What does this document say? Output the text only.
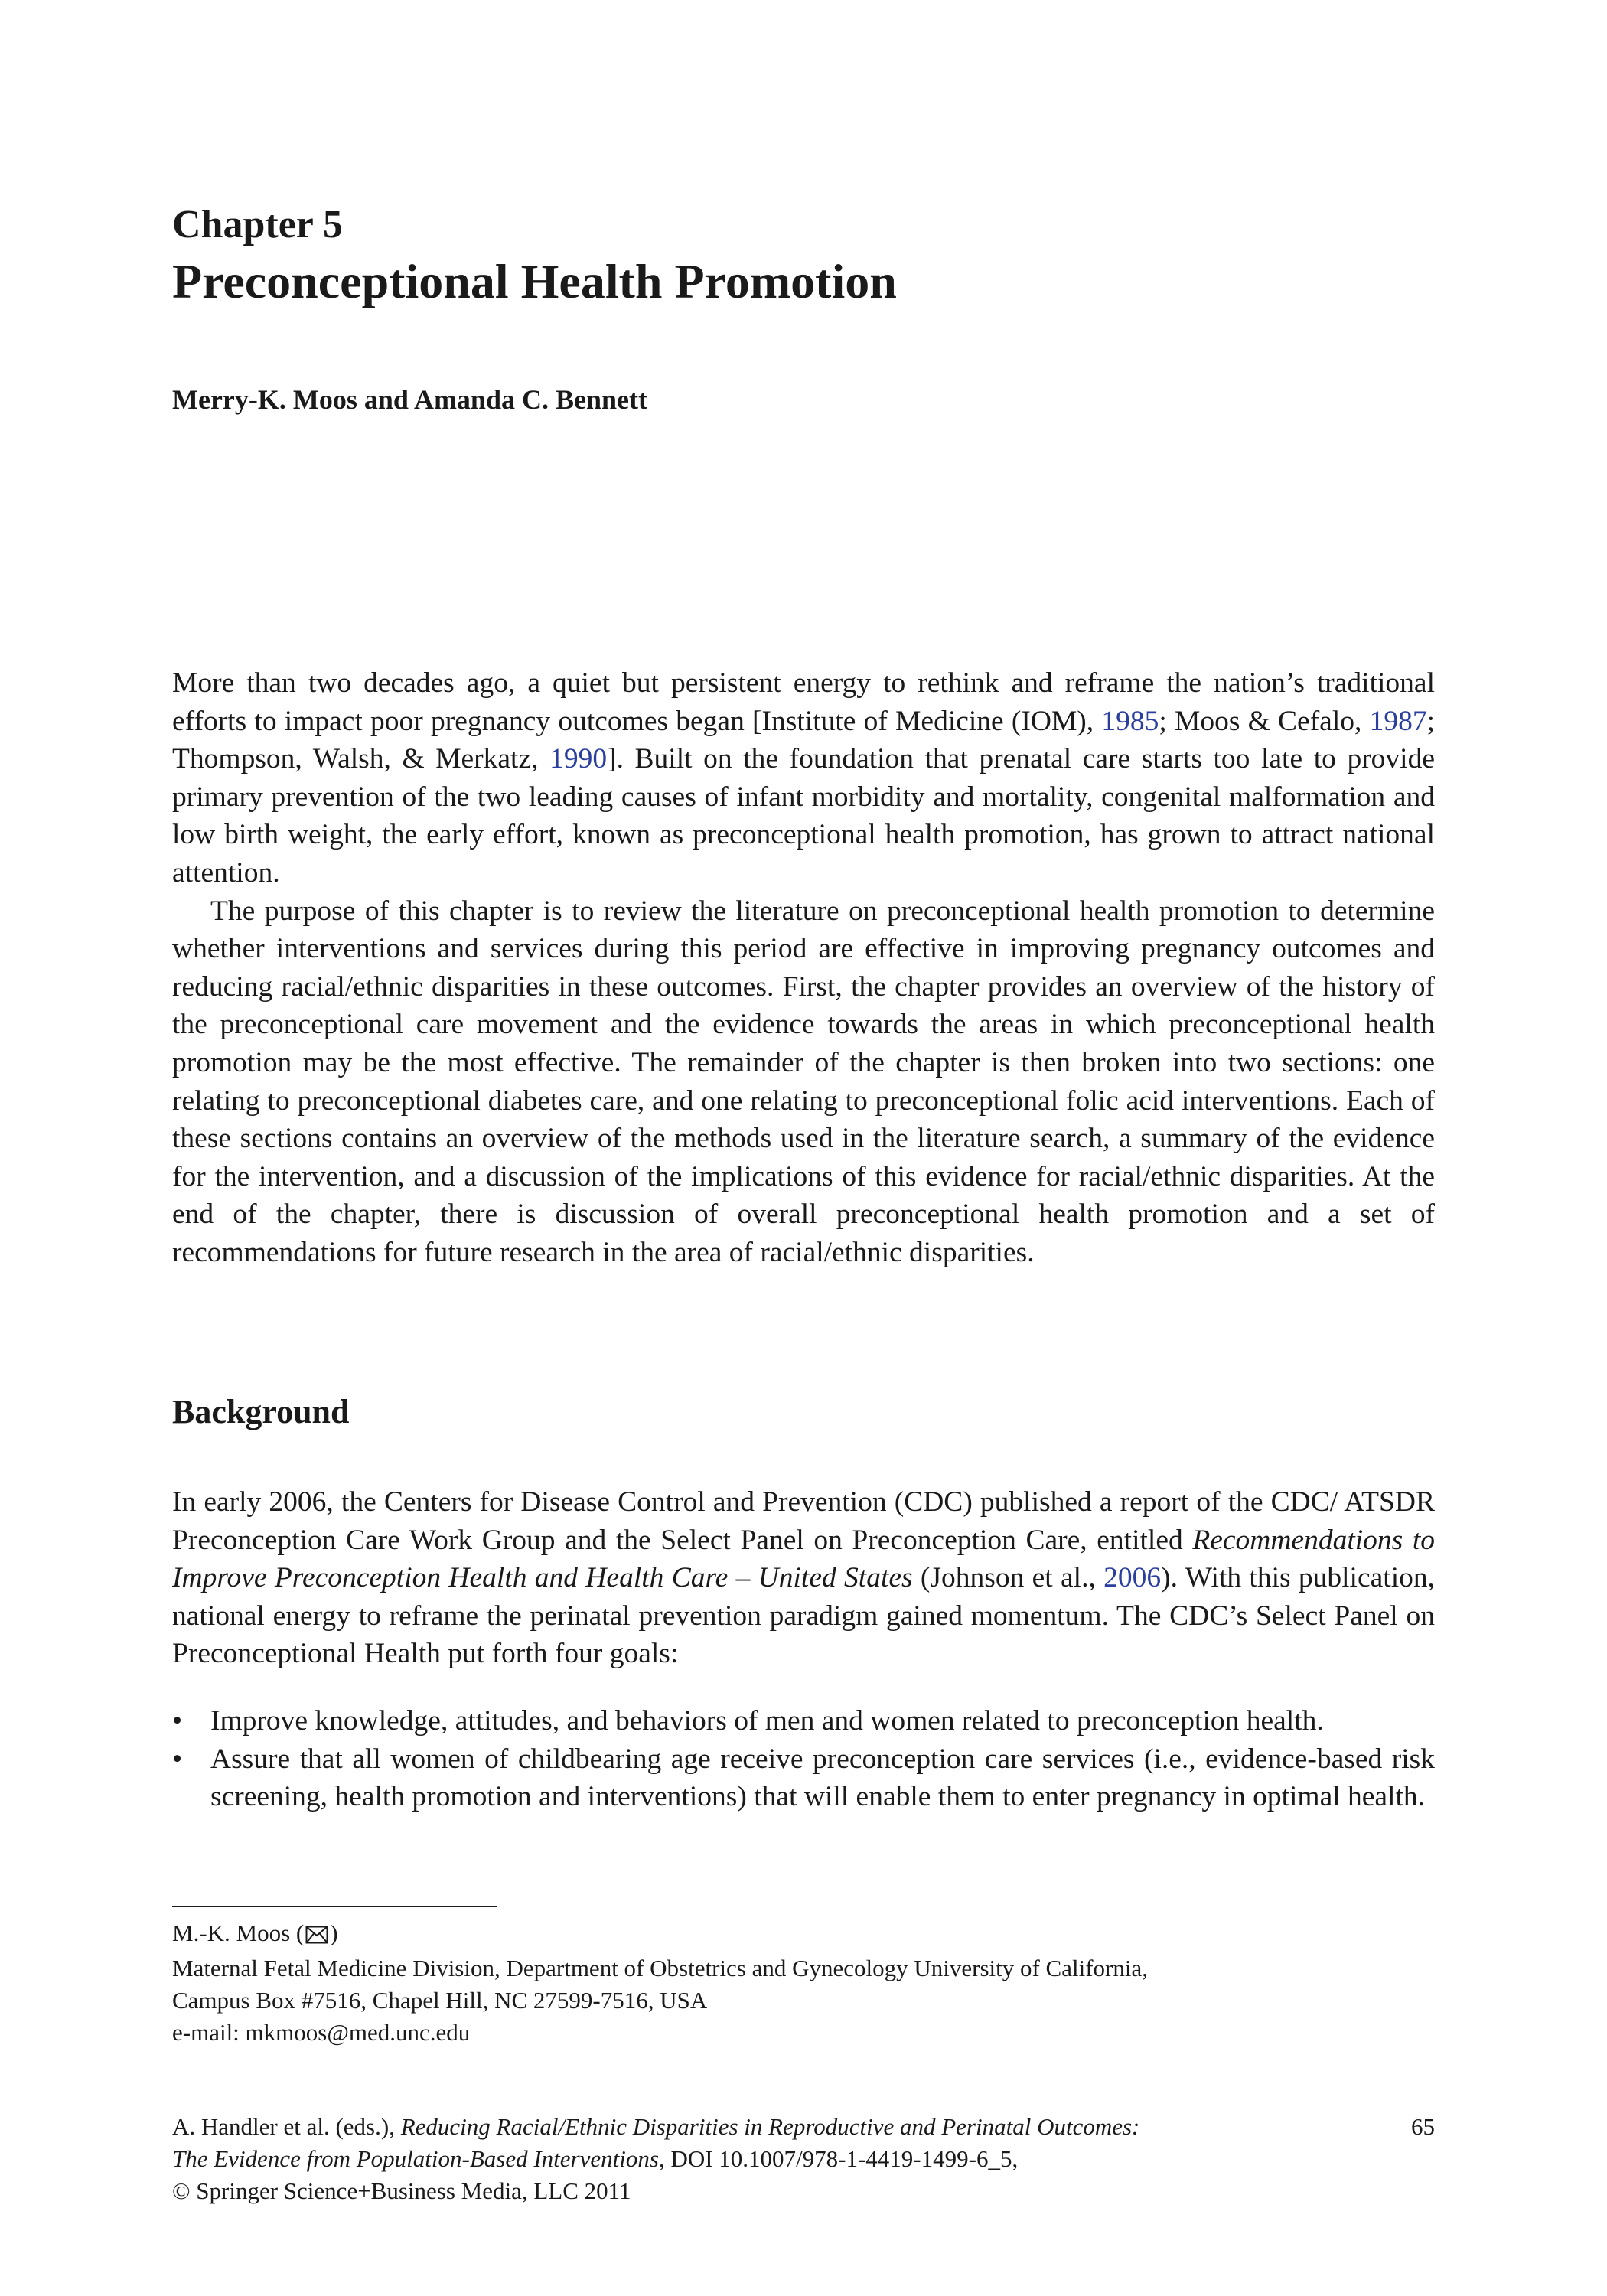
Chapter 5
Preconceptional Health Promotion
Merry-K. Moos and Amanda C. Bennett

More than two decades ago, a quiet but persistent energy to rethink and reframe the nation’s traditional efforts to impact poor pregnancy outcomes began [Institute of Medicine (IOM), 1985; Moos & Cefalo, 1987; Thompson, Walsh, & Merkatz, 1990]. Built on the foundation that prenatal care starts too late to provide primary prevention of the two leading causes of infant morbidity and mortality, congenital malformation and low birth weight, the early effort, known as preconceptional health promotion, has grown to attract national attention.

The purpose of this chapter is to review the literature on preconceptional health promotion to determine whether interventions and services during this period are effective in improving pregnancy outcomes and reducing racial/ethnic disparities in these outcomes. First, the chapter provides an overview of the history of the preconceptional care movement and the evidence towards the areas in which preconceptional health promotion may be the most effective. The remainder of the chapter is then broken into two sections: one relating to preconceptional diabetes care, and one relating to preconceptional folic acid interventions. Each of these sections contains an overview of the methods used in the literature search, a summary of the evidence for the intervention, and a discussion of the implications of this evidence for racial/ethnic disparities. At the end of the chapter, there is discussion of overall preconceptional health promotion and a set of recommendations for future research in the area of racial/ethnic disparities.

Background

In early 2006, the Centers for Disease Control and Prevention (CDC) published a report of the CDC/ ATSDR Preconception Care Work Group and the Select Panel on Preconception Care, entitled Recommendations to Improve Preconception Health and Health Care – United States (Johnson et al., 2006). With this publication, national energy to reframe the perinatal prevention paradigm gained momentum. The CDC’s Select Panel on Preconceptional Health put forth four goals:

• Improve knowledge, attitudes, and behaviors of men and women related to preconception health.
• Assure that all women of childbearing age receive preconception care services (i.e., evidence-based risk screening, health promotion and interventions) that will enable them to enter pregnancy in optimal health.
M.-K. Moos ( )
Maternal Fetal Medicine Division, Department of Obstetrics and Gynecology University of California,
Campus Box #7516, Chapel Hill, NC 27599-7516, USA
e-mail: mkmoos@med.unc.edu
A. Handler et al. (eds.), Reducing Racial/Ethnic Disparities in Reproductive and Perinatal Outcomes:
The Evidence from Population-Based Interventions, DOI 10.1007/978-1-4419-1499-6_5,
© Springer Science+Business Media, LLC 2011
65
